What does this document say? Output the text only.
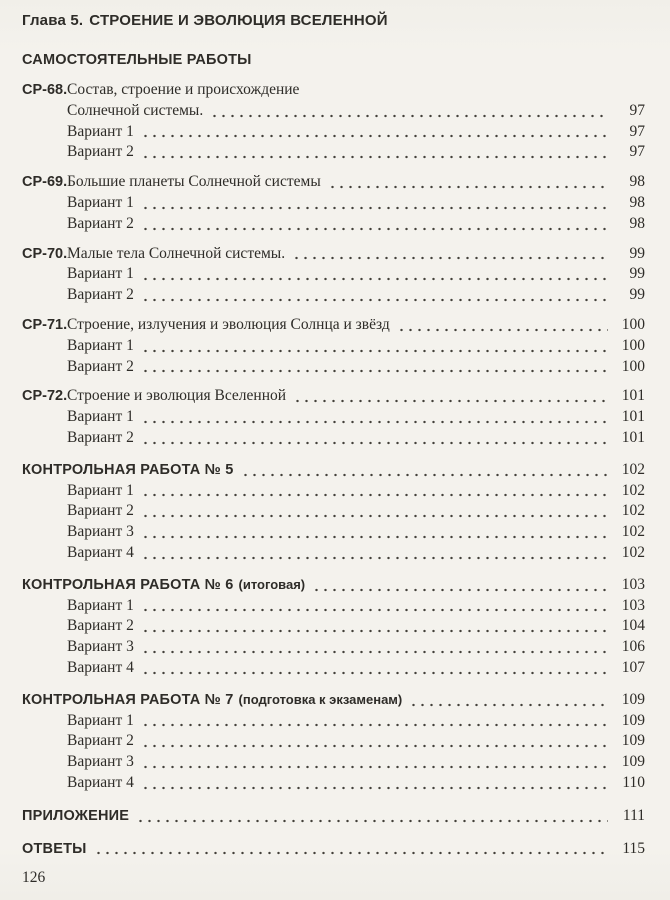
Глава 5. СТРОЕНИЕ И ЭВОЛЮЦИЯ ВСЕЛЕННОЙ
САМОСТОЯТЕЛЬНЫЕ РАБОТЫ
СР-68. Состав, строение и происхождение
Солнечной системы.	97
Вариант 1	97
Вариант 2	97
СР-69. Большие планеты Солнечной системы	98
Вариант 1	98
Вариант 2	98
СР-70. Малые тела Солнечной системы.	99
Вариант 1	99
Вариант 2	99
СР-71. Строение, излучения и эволюция Солнца и звёзд	100
Вариант 1	100
Вариант 2	100
СР-72. Строение и эволюция Вселенной	101
Вариант 1	101
Вариант 2	101
КОНТРОЛЬНАЯ РАБОТА № 5	102
Вариант 1	102
Вариант 2	102
Вариант 3	102
Вариант 4	102
КОНТРОЛЬНАЯ РАБОТА № 6 (итоговая)	103
Вариант 1	103
Вариант 2	104
Вариант 3	106
Вариант 4	107
КОНТРОЛЬНАЯ РАБОТА № 7 (подготовка к экзаменам)	109
Вариант 1	109
Вариант 2	109
Вариант 3	109
Вариант 4	110
ПРИЛОЖЕНИЕ	111
ОТВЕТЫ	115
126
